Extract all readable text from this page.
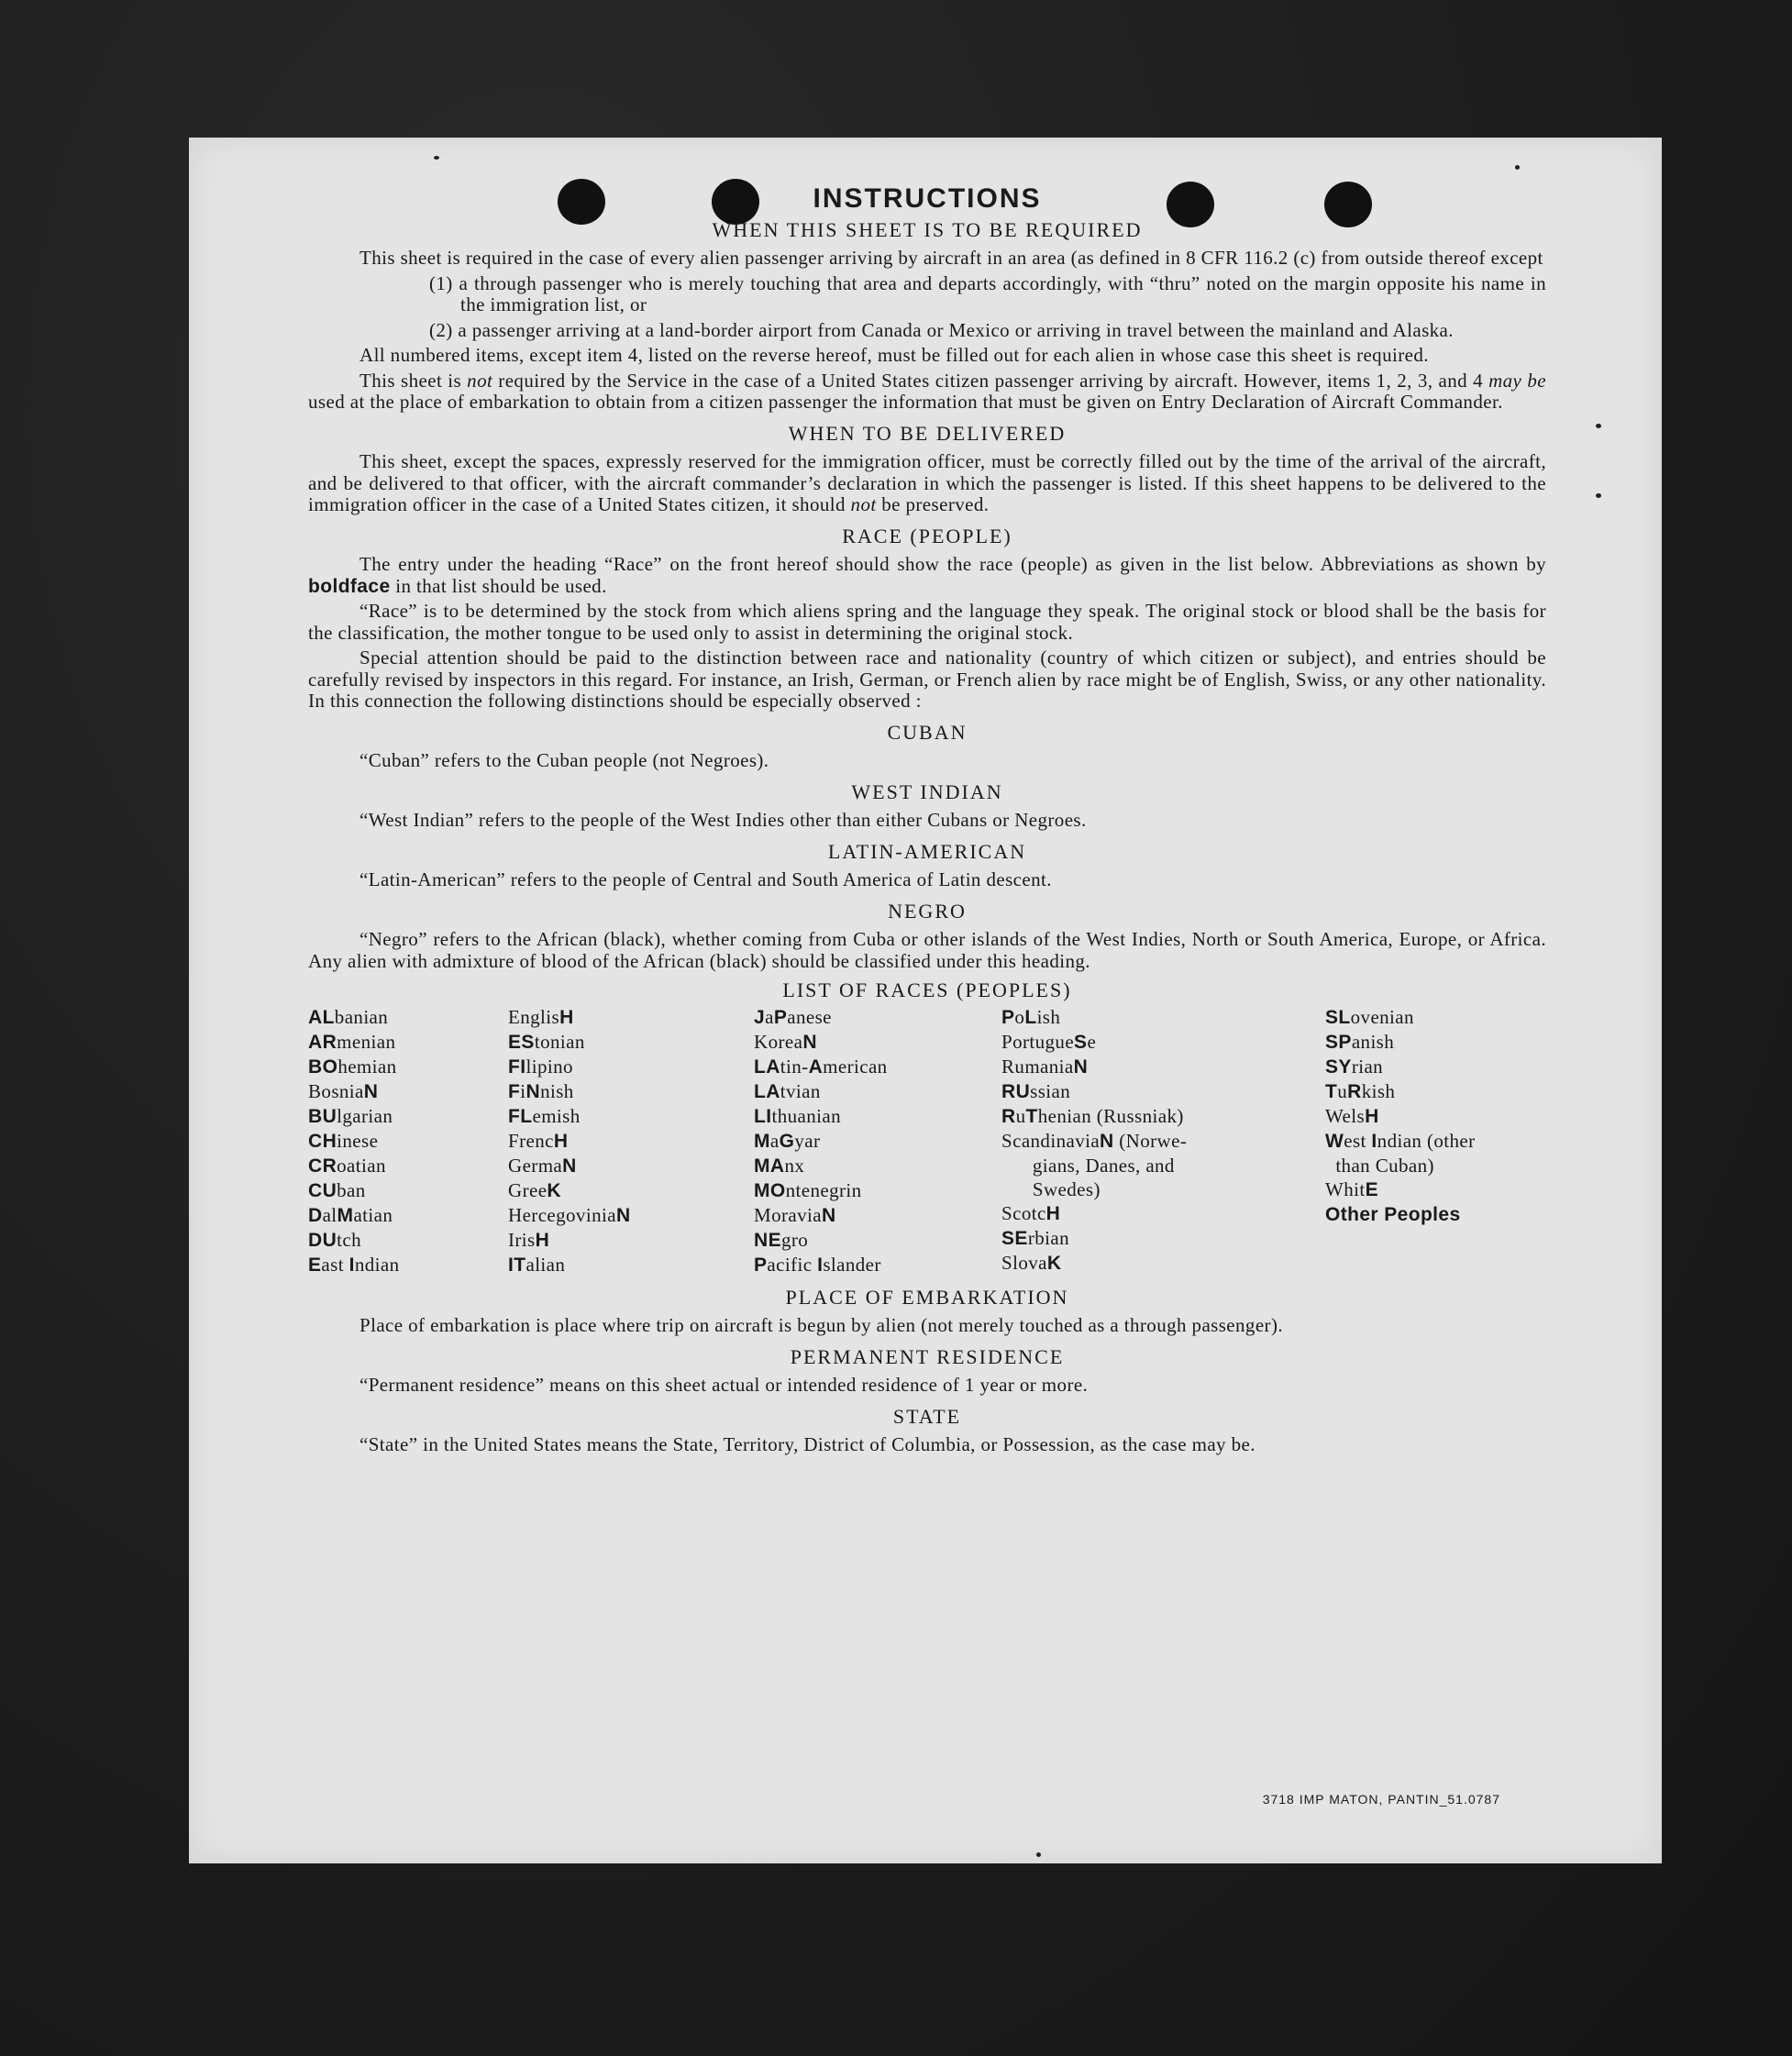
INSTRUCTIONS
WHEN THIS SHEET IS TO BE REQUIRED

This sheet is required in the case of every alien passenger arriving by aircraft in an area (as defined in 8 CFR 116.2 (c) from outside thereof except

(1) a through passenger who is merely touching that area and departs accordingly, with “thru” noted on the margin opposite his name in the immigration list, or
(2) a passenger arriving at a land-border airport from Canada or Mexico or arriving in travel between the mainland and Alaska.

All numbered items, except item 4, listed on the reverse hereof, must be filled out for each alien in whose case this sheet is required.

This sheet is not required by the Service in the case of a United States citizen passenger arriving by aircraft. However, items 1, 2, 3, and 4 may be used at the place of embarkation to obtain from a citizen passenger the information that must be given on Entry Declaration of Aircraft Commander.

WHEN TO BE DELIVERED

This sheet, except the spaces, expressly reserved for the immigration officer, must be correctly filled out by the time of the arrival of the aircraft, and be delivered to that officer, with the aircraft commander’s declaration in which the passenger is listed. If this sheet happens to be delivered to the immigration officer in the case of a United States citizen, it should not be preserved.

RACE (PEOPLE)

The entry under the heading “Race” on the front hereof should show the race (people) as given in the list below. Abbreviations as shown by boldface in that list should be used.

“Race” is to be determined by the stock from which aliens spring and the language they speak. The original stock or blood shall be the basis for the classification, the mother tongue to be used only to assist in determining the original stock.

Special attention should be paid to the distinction between race and nationality (country of which citizen or subject), and entries should be carefully revised by inspectors in this regard. For instance, an Irish, German, or French alien by race might be of English, Swiss, or any other nationality. In this connection the following distinctions should be especially observed :

CUBAN

“Cuban” refers to the Cuban people (not Negroes).

WEST INDIAN

“West Indian” refers to the people of the West Indies other than either Cubans or Negroes.

LATIN-AMERICAN

“Latin-American” refers to the people of Central and South America of Latin descent.

NEGRO

“Negro” refers to the African (black), whether coming from Cuba or other islands of the West Indies, North or South America, Europe, or Africa. Any alien with admixture of blood of the African (black) should be classified under this heading.

LIST OF RACES (PEOPLES)
ALbanian
ARmenian
BOhemian
BosniaN
BUlgarian
CHinese
CRoatian
CUban
DalMatian
DUtch
East Indian
EnglisH
EStonian
FIlipino
FiNnish
FLemish
FrencH
GermaN
GreeK
HercegoviniaN
IrisH
ITalian
JaPanese
KoreaN
LAtin-American
LAtvian
LIthuanian
MaGyar
MAnx
MOntenegrin
MoraviaN
NEgro
Pacific Islander
PoLish
PortugueSe
RumaniaN
RUssian
RuThenian (Russniak)
ScandinaviaN (Norwe-
gians, Danes, and
Swedes)
ScotcH
SErbian
SlovaK
SLovenian
SPanish
SYrian
TuRkish
WelsH
West Indian (other
than Cuban)
WhitE
Other Peoples
PLACE OF EMBARKATION

Place of embarkation is place where trip on aircraft is begun by alien (not merely touched as a through passenger).

PERMANENT RESIDENCE

“Permanent residence” means on this sheet actual or intended residence of 1 year or more.

STATE

“State” in the United States means the State, Territory, District of Columbia, or Possession, as the case may be.

3718 IMP MATON, PANTIN_51.0787
